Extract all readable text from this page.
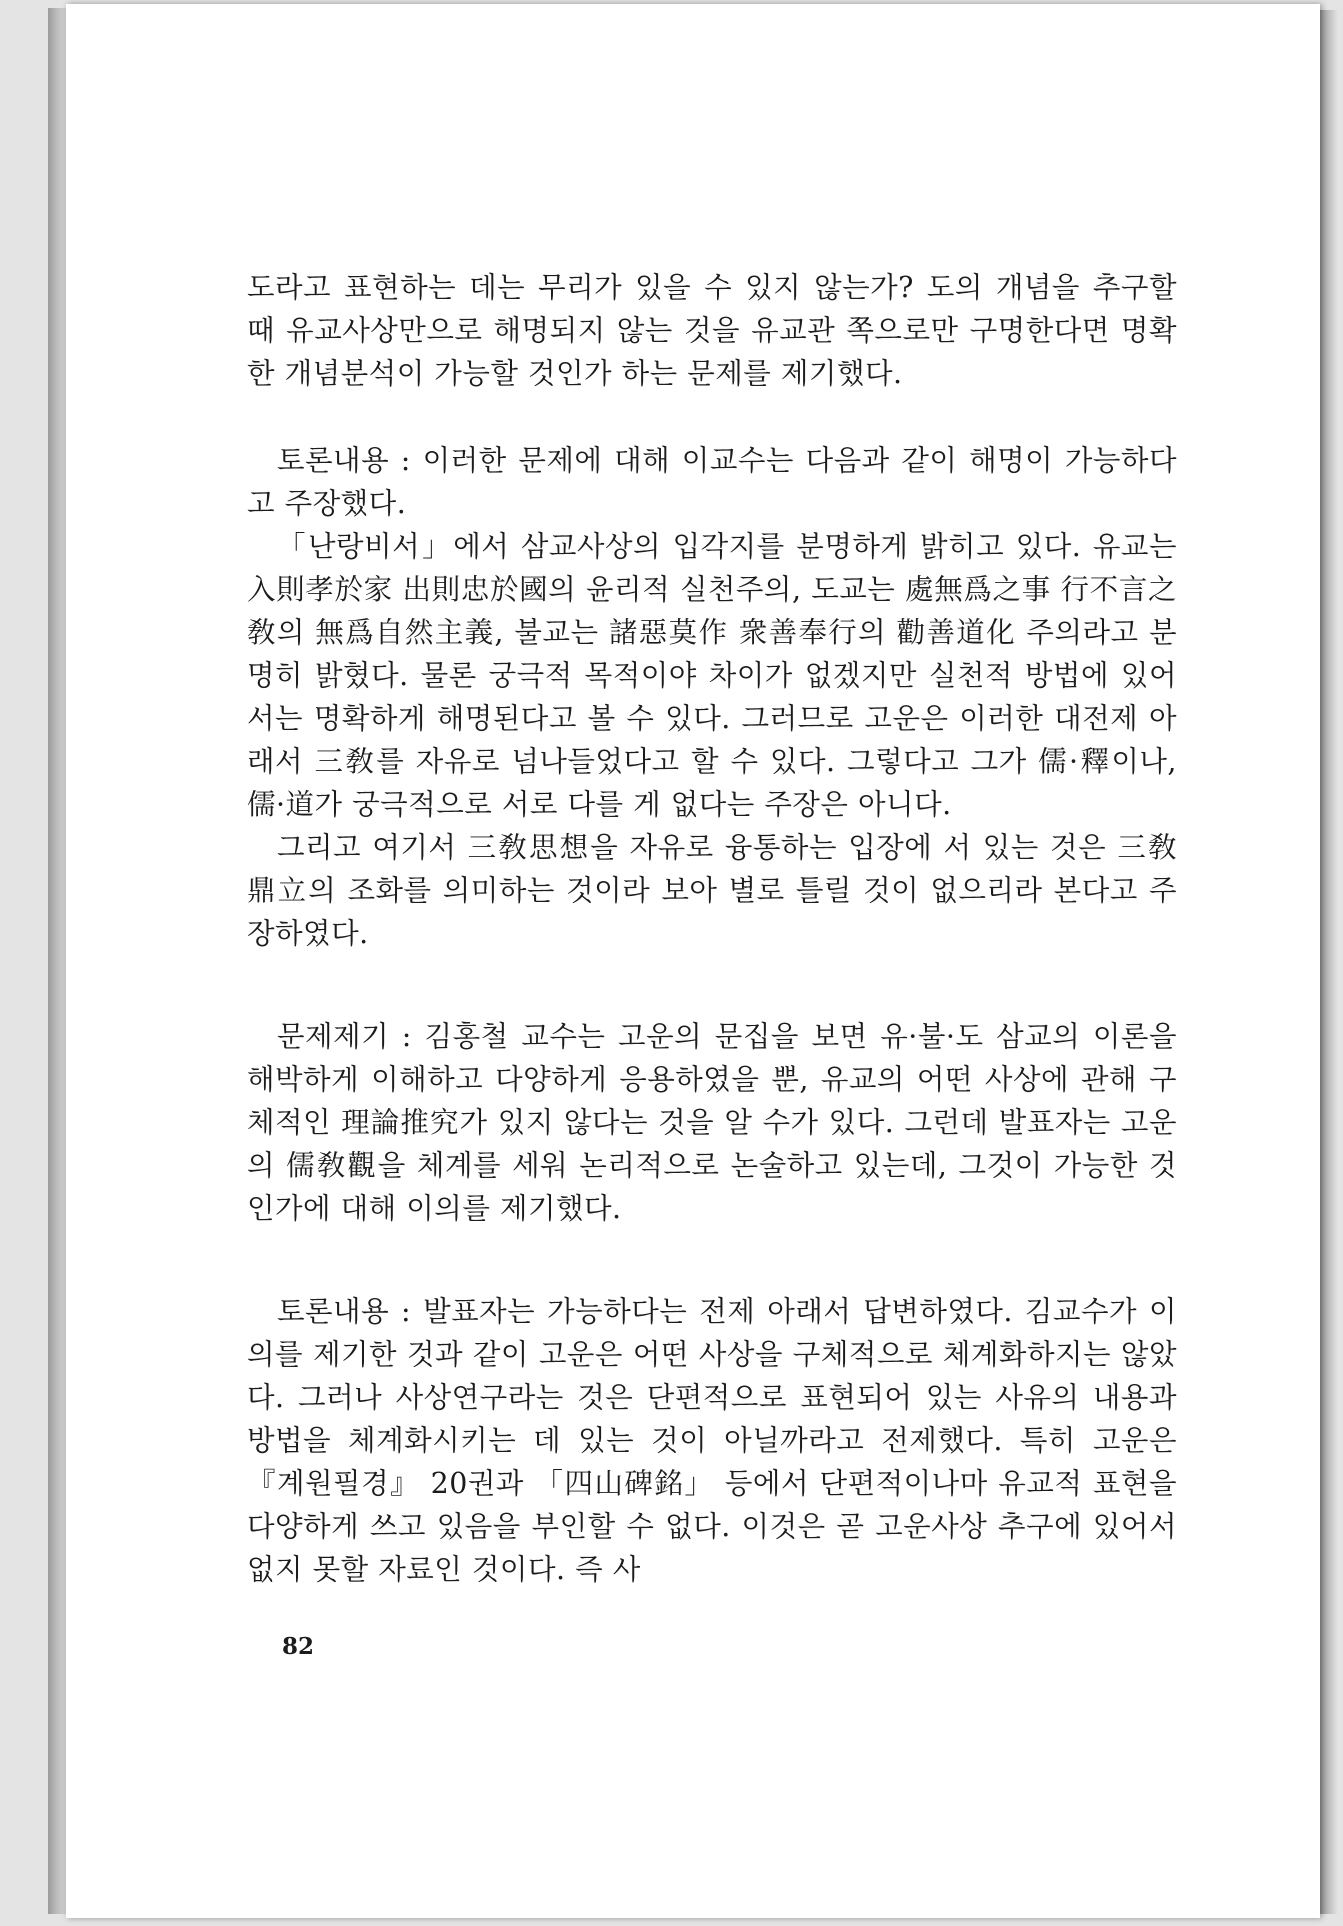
도라고 표현하는 데는 무리가 있을 수 있지 않는가? 도의 개념을 추구할 때 유교사상만으로 해명되지 않는 것을 유교관 쪽으로만 구명한다면 명확한 개념분석이 가능할 것인가 하는 문제를 제기했다.

토론내용 : 이러한 문제에 대해 이교수는 다음과 같이 해명이 가능하다고 주장했다.

「난랑비서」에서 삼교사상의 입각지를 분명하게 밝히고 있다. 유교는 入則孝於家 出則忠於國의 윤리적 실천주의, 도교는 處無爲之事 行不言之敎의 無爲自然主義, 불교는 諸惡莫作 衆善奉行의 勸善道化 주의라고 분명히 밝혔다. 물론 궁극적 목적이야 차이가 없겠지만 실천적 방법에 있어서는 명확하게 해명된다고 볼 수 있다. 그러므로 고운은 이러한 대전제 아래서 三敎를 자유로 넘나들었다고 할 수 있다. 그렇다고 그가 儒·釋이나, 儒·道가 궁극적으로 서로 다를 게 없다는 주장은 아니다.

그리고 여기서 三敎思想을 자유로 융통하는 입장에 서 있는 것은 三敎鼎立의 조화를 의미하는 것이라 보아 별로 틀릴 것이 없으리라 본다고 주장하였다.

문제제기 : 김홍철 교수는 고운의 문집을 보면 유·불·도 삼교의 이론을 해박하게 이해하고 다양하게 응용하였을 뿐, 유교의 어떤 사상에 관해 구체적인 理論推究가 있지 않다는 것을 알 수가 있다. 그런데 발표자는 고운의 儒敎觀을 체계를 세워 논리적으로 논술하고 있는데, 그것이 가능한 것인가에 대해 이의를 제기했다.

토론내용 : 발표자는 가능하다는 전제 아래서 답변하였다. 김교수가 이의를 제기한 것과 같이 고운은 어떤 사상을 구체적으로 체계화하지는 않았다. 그러나 사상연구라는 것은 단편적으로 표현되어 있는 사유의 내용과 방법을 체계화시키는 데 있는 것이 아닐까라고 전제했다. 특히 고운은 『계원필경』 20권과 「四山碑銘」 등에서 단편적이나마 유교적 표현을 다양하게 쓰고 있음을 부인할 수 없다. 이것은 곧 고운사상 추구에 있어서 없지 못할 자료인 것이다. 즉 사

82
